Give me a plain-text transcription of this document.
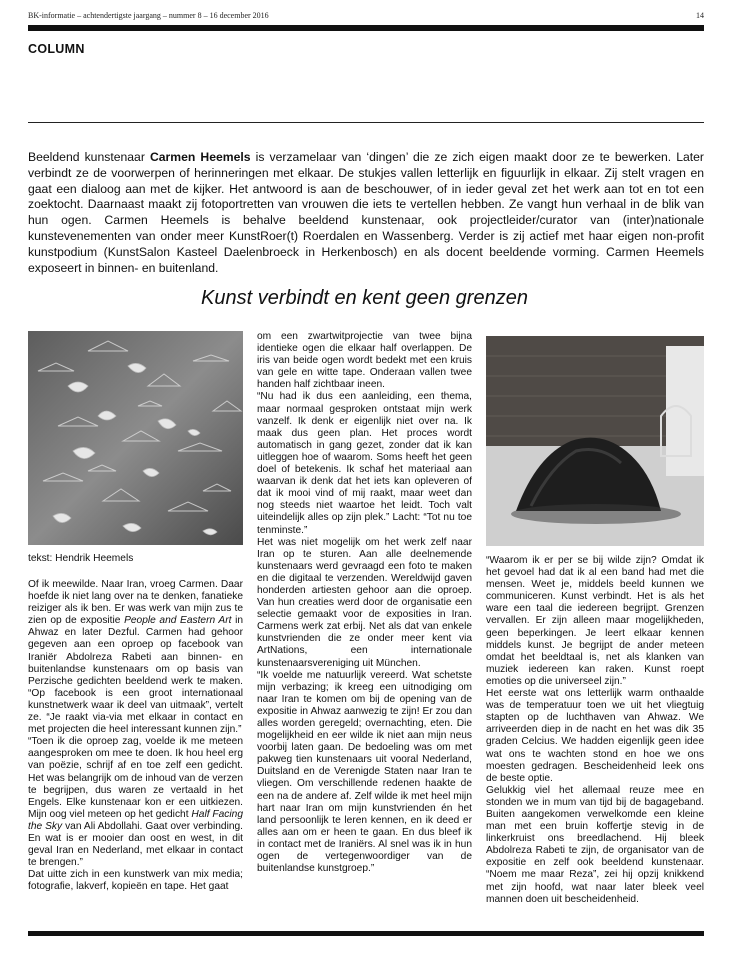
BK-informatie – achtendertigste jaargang – nummer 8 – 16 december 2016	14
COLUMN
Beeldend kunstenaar Carmen Heemels is verzamelaar van ‘dingen’ die ze zich eigen maakt door ze te bewerken. Later verbindt ze de voorwerpen of herinneringen met elkaar. De stukjes vallen letterlijk en figuurlijk in elkaar. Zij stelt vragen en gaat een dialoog aan met de kijker. Het antwoord is aan de beschouwer, of in ieder geval zet het werk aan tot en tot een zoektocht. Daarnaast maakt zij fotoportretten van vrouwen die iets te vertellen hebben. Ze vangt hun verhaal in de blik van hun ogen. Carmen Heemels is behalve beeldend kunstenaar, ook projectleider/curator van (inter)nationale kunstevenementen van onder meer KunstRoer(t) Roerdalen en Wassenberg. Verder is zij actief met haar eigen non-profit kunstpodium (KunstSalon Kasteel Daelenbroeck in Herkenbosch) en als docent beeldende vorming. Carmen Heemels exposeert in binnen- en buitenland.
Kunst verbindt en kent geen grenzen
tekst: Hendrik Heemels

Of ik meewilde. Naar Iran, vroeg Carmen. Daar hoefde ik niet lang over na te denken, fanatieke reiziger als ik ben. Er was werk van mijn zus te zien op de expositie People and Eastern Art in Ahwaz en later Dezful. Carmen had gehoor gegeven aan een oproep op facebook van Iraniër Abdolreza Rabeti aan binnen- en buitenlandse kunstenaars om op basis van Perzische gedichten beeldend werk te maken. “Op facebook is een groot internationaal kunstnetwerk waar ik deel van uitmaak”, vertelt ze. “Je raakt via-via met elkaar in contact en met projecten die heel interessant kunnen zijn.”

“Toen ik die oproep zag, voelde ik me meteen aangesproken om mee te doen. Ik hou heel erg van poëzie, schrijf af en toe zelf een gedicht. Het was belangrijk om de inhoud van de verzen te begrijpen, dus waren ze vertaald in het Engels. Elke kunstenaar kon er een uitkiezen. Mijn oog viel meteen op het gedicht Half Facing the Sky van Ali Abdollahi. Gaat over verbinding. En wat is er mooier dan oost en west, in dit geval Iran en Nederland, met elkaar in contact te brengen.”

Dat uitte zich in een kunstwerk van mix media; fotografie, lakverf, kopieën en tape. Het gaat

om een zwartwitprojectie van twee bijna identieke ogen die elkaar half overlappen. De iris van beide ogen wordt bedekt met een kruis van gele en witte tape. Onderaan vallen twee handen half zichtbaar ineen.

“Nu had ik dus een aanleiding, een thema, maar normaal gesproken ontstaat mijn werk vanzelf. Ik denk er eigenlijk niet over na. Ik maak dus geen plan. Het proces wordt automatisch in gang gezet, zonder dat ik kan uitleggen hoe of waarom. Soms heeft het geen doel of betekenis. Ik schaf het materiaal aan waarvan ik denk dat het iets kan opleveren of dat ik mooi vind of mij raakt, maar weet dan nog steeds niet waartoe het leidt. Toch valt uiteindelijk alles op zijn plek.” Lacht: “Tot nu toe tenminste.”

Het was niet mogelijk om het werk zelf naar Iran op te sturen. Aan alle deelnemende kunstenaars werd gevraagd een foto te maken en die digitaal te verzenden. Wereldwijd gaven honderden artiesten gehoor aan die oproep. Van hun creaties werd door de organisatie een selectie gemaakt voor de exposities in Iran. Carmens werk zat erbij. Net als dat van enkele kunstvrienden die ze onder meer kent via ArtNations, een internationale kunstenaarsvereniging uit München.

“Ik voelde me natuurlijk vereerd. Wat schetste mijn verbazing; ik kreeg een uitnodiging om naar Iran te komen om bij de opening van de expositie in Ahwaz aanwezig te zijn! Er zou dan alles worden geregeld; overnachting, eten. Die mogelijkheid en eer wilde ik niet aan mijn neus voorbij laten gaan. De bedoeling was om met pakweg tien kunstenaars uit vooral Nederland, Duitsland en de Verenigde Staten naar Iran te vliegen. Om verschillende redenen haakte de een na de andere af. Zelf wilde ik met heel mijn hart naar Iran om mijn kunstvrienden én het land persoonlijk te leren kennen, en ik deed er alles aan om er heen te gaan. En dus bleef ik in contact met de Iraniërs. Al snel was ik in hun ogen de vertegenwoordiger van de buitenlandse kunstgroep.”

“Waarom ik er per se bij wilde zijn? Omdat ik het gevoel had dat ik al een band had met die mensen. Weet je, middels beeld kunnen we communiceren. Kunst verbindt. Het is als het ware een taal die iedereen begrijpt. Grenzen vervallen. Er zijn alleen maar mogelijkheden, geen beperkingen. Je leert elkaar kennen middels kunst. Je begrijpt de ander meteen omdat het beeldtaal is, net als klanken van muziek iedereen kan raken. Kunst roept emoties op die universeel zijn.”

Het eerste wat ons letterlijk warm onthaalde was de temperatuur toen we uit het vliegtuig stapten op de luchthaven van Ahwaz. We arriveerden diep in de nacht en het was dik 35 graden Celcius. We hadden eigenlijk geen idee wat ons te wachten stond en hoe we ons moesten gedragen. Bescheidenheid leek ons de beste optie.

Gelukkig viel het allemaal reuze mee en stonden we in mum van tijd bij de bagageband. Buiten aangekomen verwelkomde een kleine man met een bruin koffertje stevig in de linkerkruist ons breedlachend. Hij bleek Abdolreza Rabeti te zijn, de organisator van de expositie en zelf ook beeldend kunstenaar. “Noem me maar Reza”, zei hij opzij knikkend met zijn hoofd, wat naar later bleek veel mannen doen uit bescheidenheid.
